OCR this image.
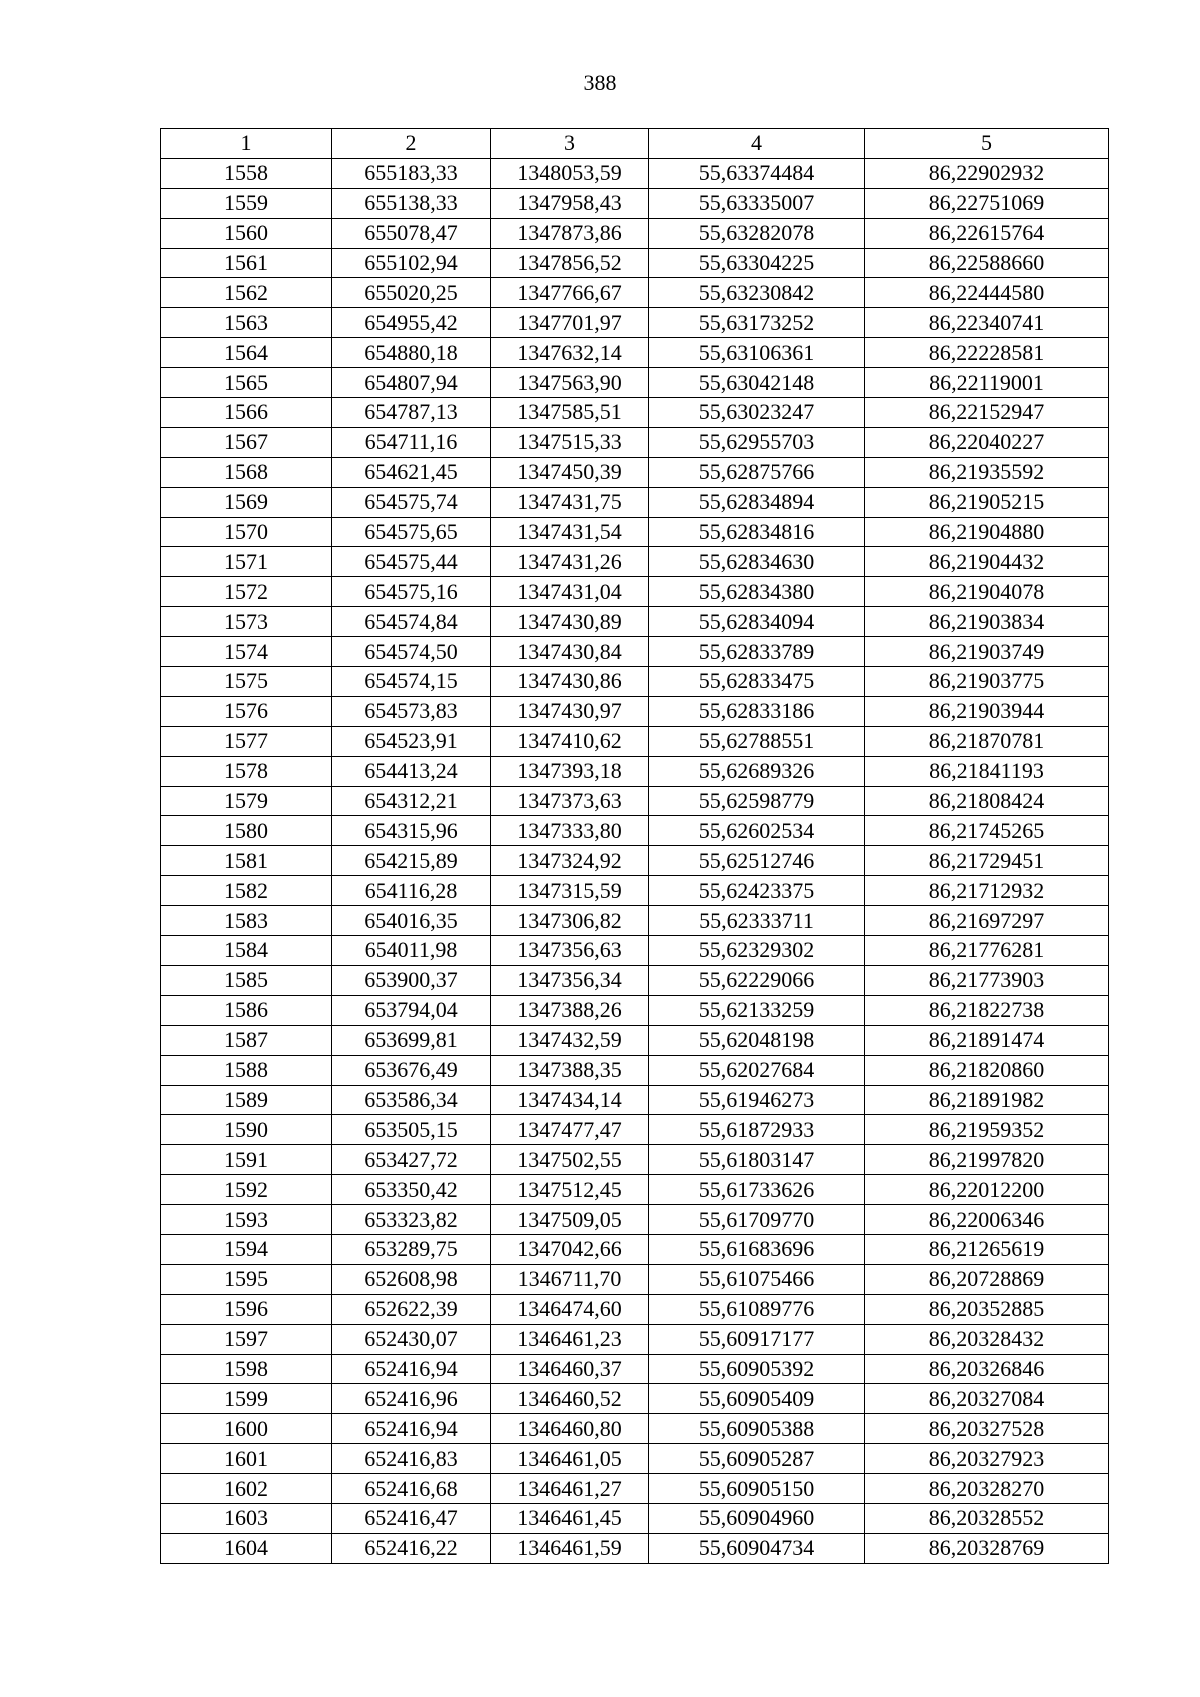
388
1	2	3	4	5
1558	655183,33	1348053,59	55,63374484	86,22902932
1559	655138,33	1347958,43	55,63335007	86,22751069
1560	655078,47	1347873,86	55,63282078	86,22615764
1561	655102,94	1347856,52	55,63304225	86,22588660
1562	655020,25	1347766,67	55,63230842	86,22444580
1563	654955,42	1347701,97	55,63173252	86,22340741
1564	654880,18	1347632,14	55,63106361	86,22228581
1565	654807,94	1347563,90	55,63042148	86,22119001
1566	654787,13	1347585,51	55,63023247	86,22152947
1567	654711,16	1347515,33	55,62955703	86,22040227
1568	654621,45	1347450,39	55,62875766	86,21935592
1569	654575,74	1347431,75	55,62834894	86,21905215
1570	654575,65	1347431,54	55,62834816	86,21904880
1571	654575,44	1347431,26	55,62834630	86,21904432
1572	654575,16	1347431,04	55,62834380	86,21904078
1573	654574,84	1347430,89	55,62834094	86,21903834
1574	654574,50	1347430,84	55,62833789	86,21903749
1575	654574,15	1347430,86	55,62833475	86,21903775
1576	654573,83	1347430,97	55,62833186	86,21903944
1577	654523,91	1347410,62	55,62788551	86,21870781
1578	654413,24	1347393,18	55,62689326	86,21841193
1579	654312,21	1347373,63	55,62598779	86,21808424
1580	654315,96	1347333,80	55,62602534	86,21745265
1581	654215,89	1347324,92	55,62512746	86,21729451
1582	654116,28	1347315,59	55,62423375	86,21712932
1583	654016,35	1347306,82	55,62333711	86,21697297
1584	654011,98	1347356,63	55,62329302	86,21776281
1585	653900,37	1347356,34	55,62229066	86,21773903
1586	653794,04	1347388,26	55,62133259	86,21822738
1587	653699,81	1347432,59	55,62048198	86,21891474
1588	653676,49	1347388,35	55,62027684	86,21820860
1589	653586,34	1347434,14	55,61946273	86,21891982
1590	653505,15	1347477,47	55,61872933	86,21959352
1591	653427,72	1347502,55	55,61803147	86,21997820
1592	653350,42	1347512,45	55,61733626	86,22012200
1593	653323,82	1347509,05	55,61709770	86,22006346
1594	653289,75	1347042,66	55,61683696	86,21265619
1595	652608,98	1346711,70	55,61075466	86,20728869
1596	652622,39	1346474,60	55,61089776	86,20352885
1597	652430,07	1346461,23	55,60917177	86,20328432
1598	652416,94	1346460,37	55,60905392	86,20326846
1599	652416,96	1346460,52	55,60905409	86,20327084
1600	652416,94	1346460,80	55,60905388	86,20327528
1601	652416,83	1346461,05	55,60905287	86,20327923
1602	652416,68	1346461,27	55,60905150	86,20328270
1603	652416,47	1346461,45	55,60904960	86,20328552
1604	652416,22	1346461,59	55,60904734	86,20328769
